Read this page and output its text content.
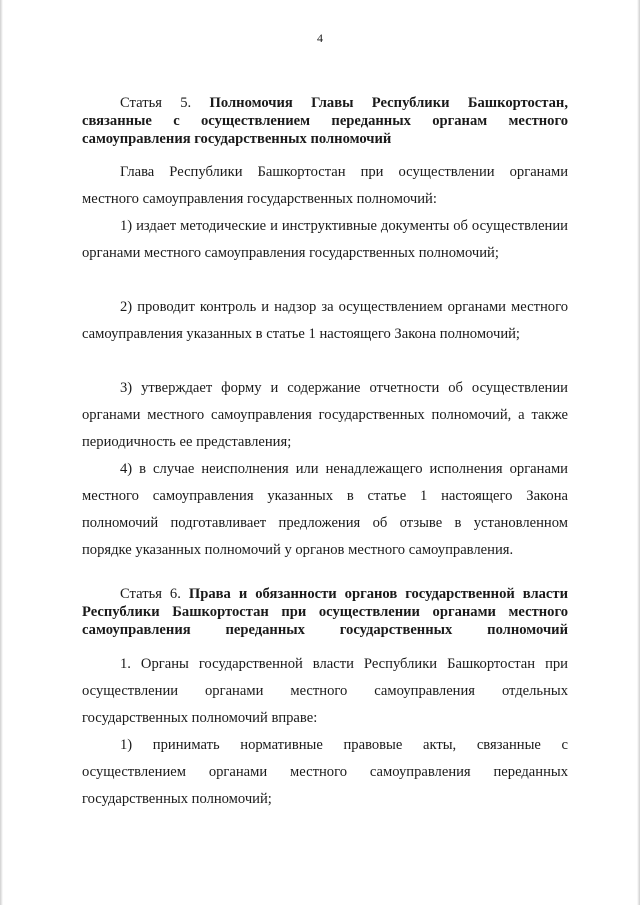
4
Статья 5. Полномочия Главы Республики Башкортостан, связанные с осуществлением переданных органам местного самоуправления государственных полномочий

Глава Республики Башкортостан при осуществлении органами местного самоуправления государственных полномочий:

1) издает методические и инструктивные документы об осуществлении органами местного самоуправления государственных полномочий;

2) проводит контроль и надзор за осуществлением органами местного самоуправления указанных в статье 1 настоящего Закона полномочий;

3) утверждает форму и содержание отчетности об осуществлении органами местного самоуправления государственных полномочий, а также периодичность ее представления;

4) в случае неисполнения или ненадлежащего исполнения органами местного самоуправления указанных в статье 1 настоящего Закона полномочий подготавливает предложения об отзыве в установленном порядке указанных полномочий у органов местного самоуправления.

Статья 6. Права и обязанности органов государственной власти Республики Башкортостан при осуществлении органами местного самоуправления переданных государственных полномочий

1. Органы государственной власти Республики Башкортостан при осуществлении органами местного самоуправления отдельных государственных полномочий вправе:

1) принимать нормативные правовые акты, связанные с осуществлением органами местного самоуправления переданных государственных полномочий;
